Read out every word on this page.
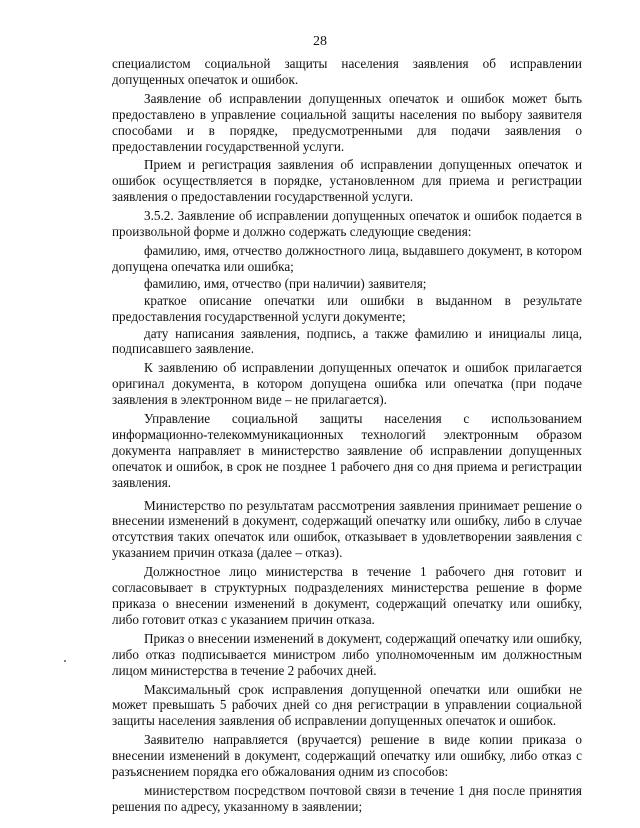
28

специалистом социальной защиты населения заявления об исправлении допущенных опечаток и ошибок.

Заявление об исправлении допущенных опечаток и ошибок может быть предоставлено в управление социальной защиты населения по выбору заявителя способами и в порядке, предусмотренными для подачи заявления о предоставлении государственной услуги.

Прием и регистрация заявления об исправлении допущенных опечаток и ошибок осуществляется в порядке, установленном для приема и регистрации заявления о предоставлении государственной услуги.

3.5.2. Заявление об исправлении допущенных опечаток и ошибок подается в произвольной форме и должно содержать следующие сведения:

фамилию, имя, отчество должностного лица, выдавшего документ, в котором допущена опечатка или ошибка;

фамилию, имя, отчество (при наличии) заявителя;

краткое описание опечатки или ошибки в выданном в результате предоставления государственной услуги документе;

дату написания заявления, подпись, а также фамилию и инициалы лица, подписавшего заявление.

К заявлению об исправлении допущенных опечаток и ошибок прилагается оригинал документа, в котором допущена ошибка или опечатка (при подаче заявления в электронном виде – не прилагается).

Управление социальной защиты населения с использованием информационно-телекоммуникационных технологий электронным образом документа направляет в министерство заявление об исправлении допущенных опечаток и ошибок, в срок не позднее 1 рабочего дня со дня приема и регистрации заявления.

Министерство по результатам рассмотрения заявления принимает решение о внесении изменений в документ, содержащий опечатку или ошибку, либо в случае отсутствия таких опечаток или ошибок, отказывает в удовлетворении заявления с указанием причин отказа (далее – отказ).

Должностное лицо министерства в течение 1 рабочего дня готовит и согласовывает в структурных подразделениях министерства решение в форме приказа о внесении изменений в документ, содержащий опечатку или ошибку, либо готовит отказ с указанием причин отказа.

Приказ о внесении изменений в документ, содержащий опечатку или ошибку, либо отказ подписывается министром либо уполномоченным им должностным лицом министерства в течение 2 рабочих дней.

Максимальный срок исправления допущенной опечатки или ошибки не может превышать 5 рабочих дней со дня регистрации в управлении социальной защиты населения заявления об исправлении допущенных опечаток и ошибок.

Заявителю направляется (вручается) решение в виде копии приказа о внесении изменений в документ, содержащий опечатку или ошибку, либо отказ с разъяснением порядка его обжалования одним из способов:

министерством посредством почтовой связи в течение 1 дня после принятия решения по адресу, указанному в заявлении;
